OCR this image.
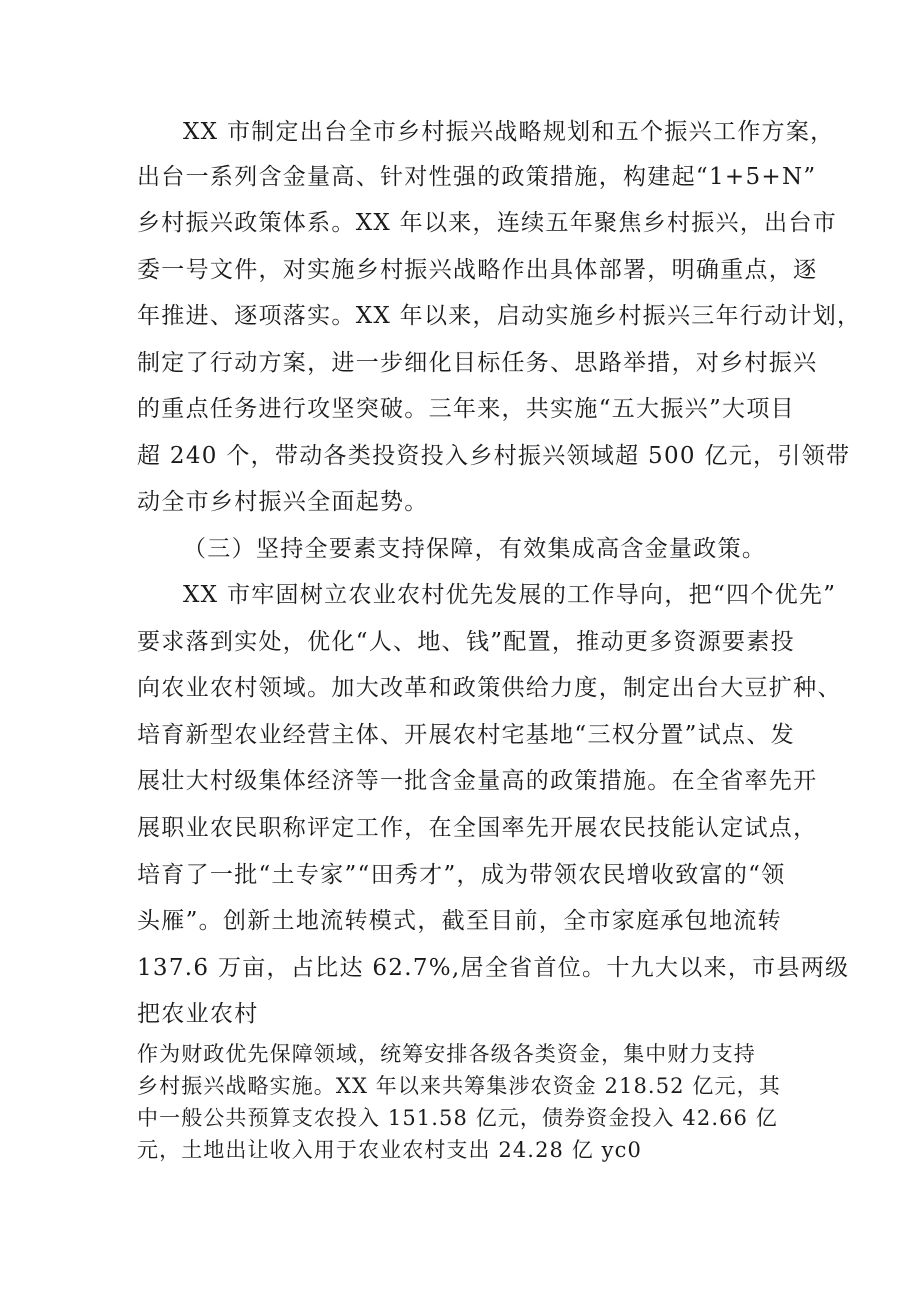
XX 市制定出台全市乡村振兴战略规划和五个振兴工作方案，
出台一系列含金量高、针对性强的政策措施，构建起“1+5+N”
乡村振兴政策体系。XX 年以来，连续五年聚焦乡村振兴，出台市
委一号文件，对实施乡村振兴战略作出具体部署，明确重点，逐
年推进、逐项落实。XX 年以来，启动实施乡村振兴三年行动计划，
制定了行动方案，进一步细化目标任务、思路举措，对乡村振兴
的重点任务进行攻坚突破。三年来，共实施“五大振兴”大项目
超 240 个，带动各类投资投入乡村振兴领域超 500 亿元，引领带
动全市乡村振兴全面起势。
（三）坚持全要素支持保障，有效集成高含金量政策。
XX 市牢固树立农业农村优先发展的工作导向，把“四个优先”
要求落到实处，优化“人、地、钱”配置，推动更多资源要素投
向农业农村领域。加大改革和政策供给力度，制定出台大豆扩种、
培育新型农业经营主体、开展农村宅基地“三权分置”试点、发
展壮大村级集体经济等一批含金量高的政策措施。在全省率先开
展职业农民职称评定工作，在全国率先开展农民技能认定试点，
培育了一批“土专家”“田秀才”，成为带领农民增收致富的“领
头雁”。创新土地流转模式，截至目前，全市家庭承包地流转
137.6 万亩，占比达 62.7%,居全省首位。十九大以来，市县两级
把农业农村
作为财政优先保障领域，统筹安排各级各类资金，集中财力支持
乡村振兴战略实施。XX 年以来共筹集涉农资金 218.52 亿元，其
中一般公共预算支农投入 151.58 亿元，债券资金投入 42.66 亿
元，土地出让收入用于农业农村支出 24.28 亿 yc0
